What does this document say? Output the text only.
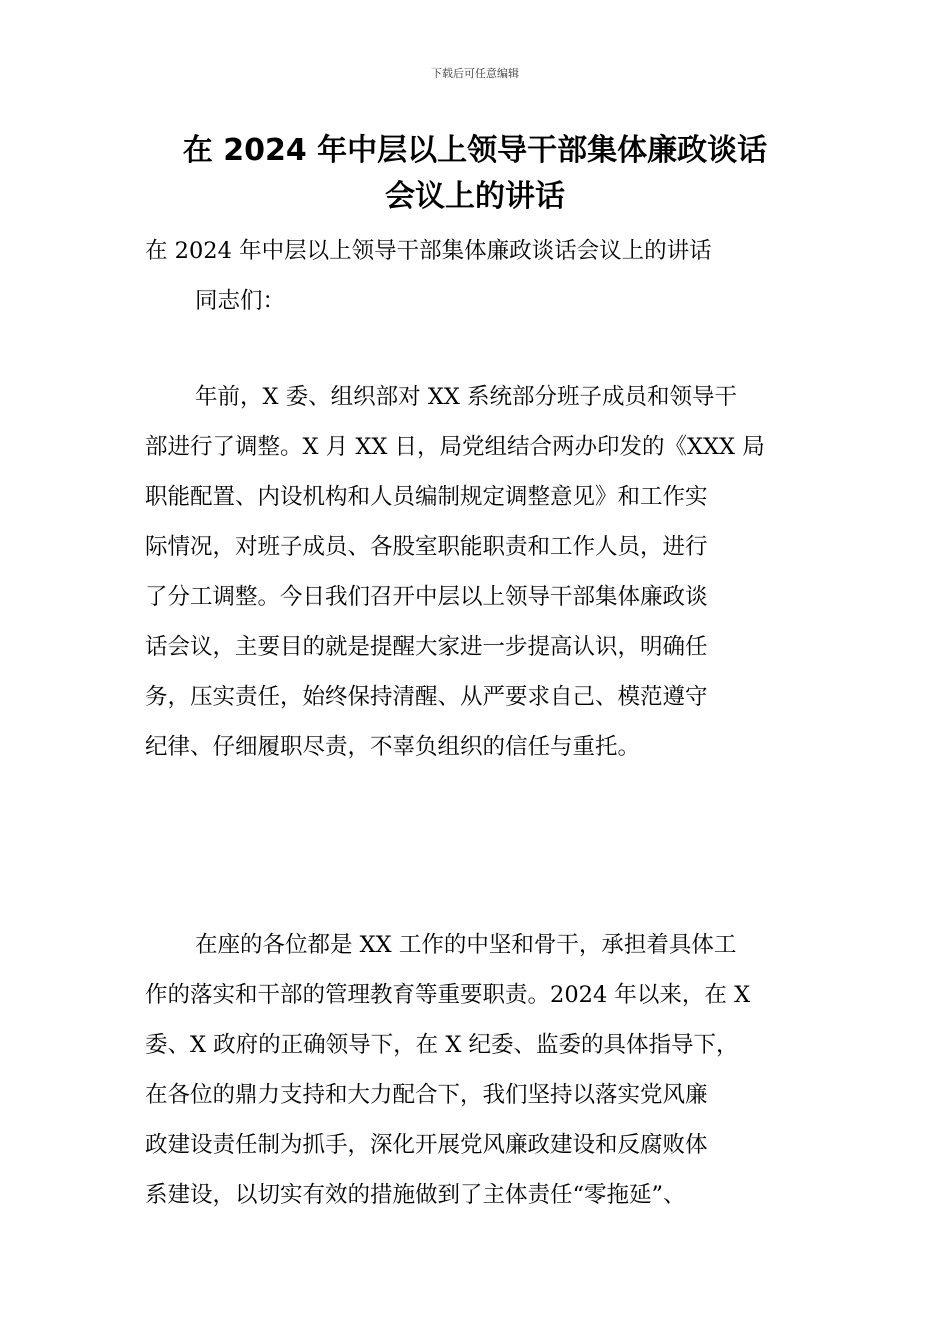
下载后可任意编辑
在 2024 年中层以上领导干部集体廉政谈话
会议上的讲话

在 2024 年中层以上领导干部集体廉政谈话会议上的讲话

同志们：

年前，X 委、组织部对 XX 系统部分班子成员和领导干
部进行了调整。X 月 XX 日，局党组结合两办印发的《XXX 局
职能配置、内设机构和人员编制规定调整意见》和工作实
际情况，对班子成员、各股室职能职责和工作人员，进行
了分工调整。今日我们召开中层以上领导干部集体廉政谈
话会议，主要目的就是提醒大家进一步提高认识，明确任
务，压实责任，始终保持清醒、从严要求自己、模范遵守
纪律、仔细履职尽责，不辜负组织的信任与重托。

在座的各位都是 XX 工作的中坚和骨干，承担着具体工
作的落实和干部的管理教育等重要职责。2024 年以来，在 X
委、X 政府的正确领导下，在 X 纪委、监委的具体指导下，
在各位的鼎力支持和大力配合下，我们坚持以落实党风廉
政建设责任制为抓手，深化开展党风廉政建设和反腐败体
系建设，以切实有效的措施做到了主体责任“零拖延”、
